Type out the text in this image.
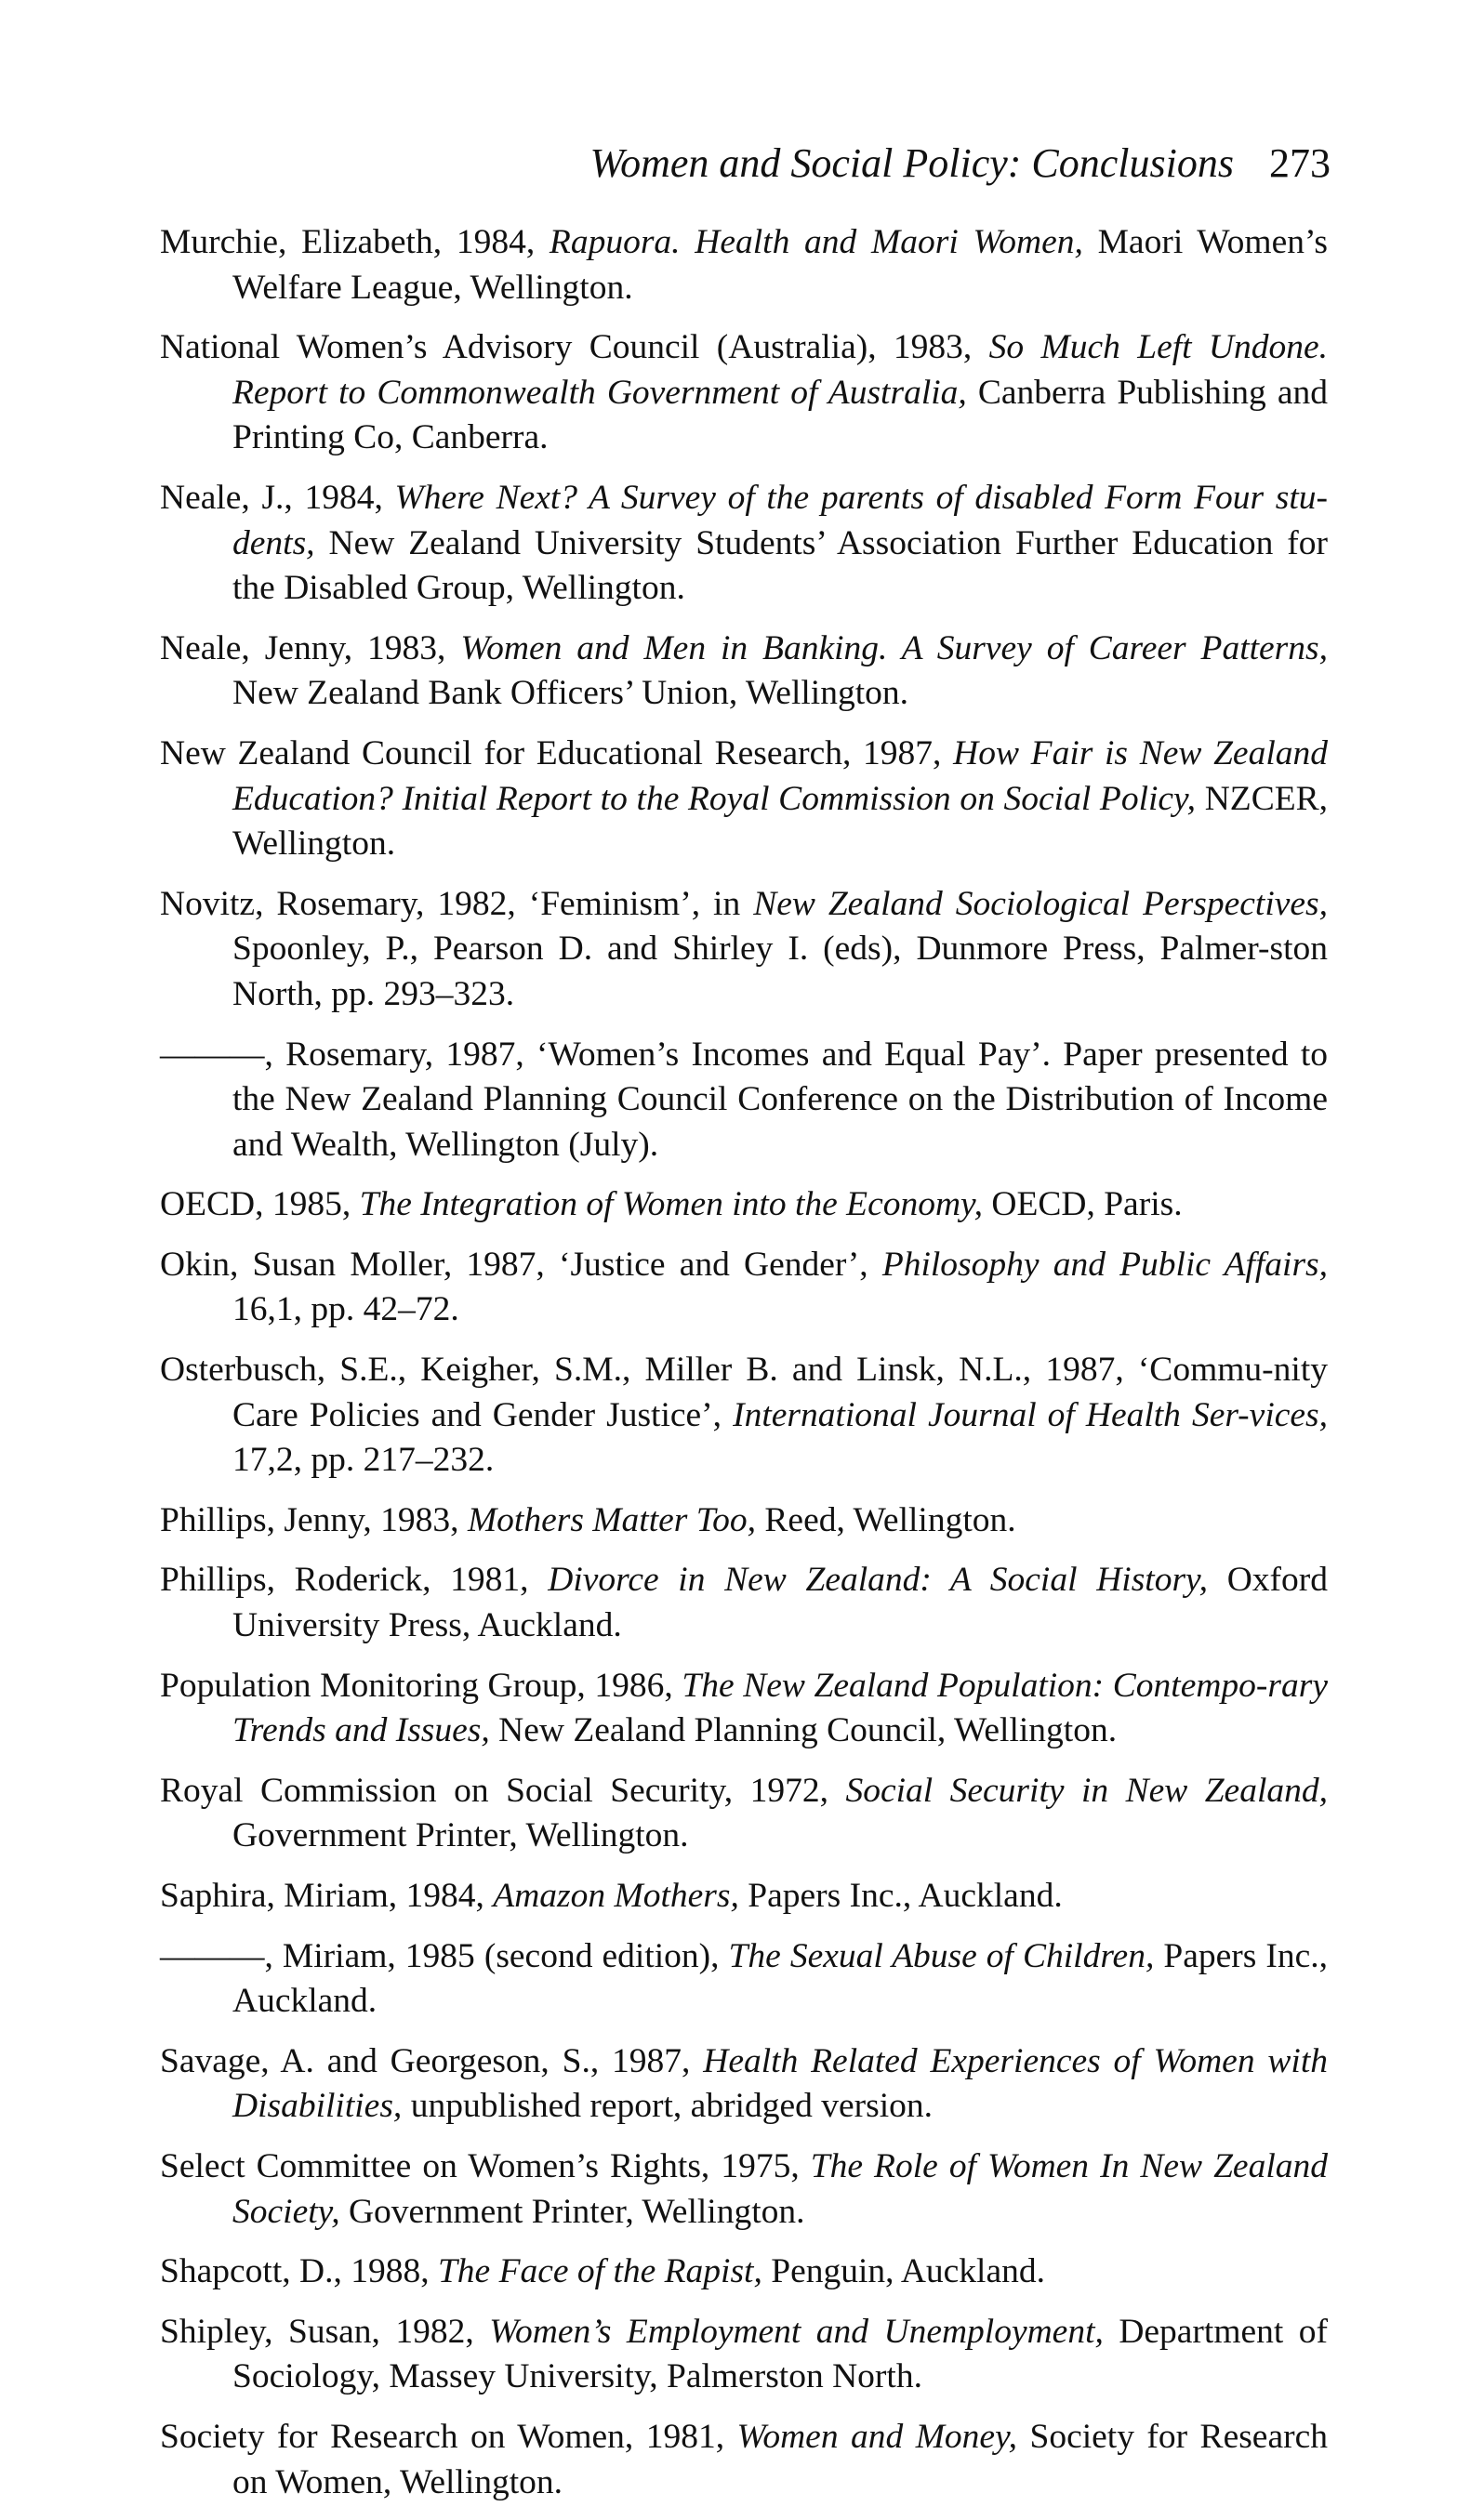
Women and Social Policy: Conclusions 273

Murchie, Elizabeth, 1984, Rapuora. Health and Maori Women, Maori Women’s Welfare League, Wellington.

National Women’s Advisory Council (Australia), 1983, So Much Left Undone. Report to Commonwealth Government of Australia, Canberra Publishing and Printing Co, Canberra.

Neale, J., 1984, Where Next? A Survey of the parents of disabled Form Four stu-dents, New Zealand University Students’ Association Further Education for the Disabled Group, Wellington.

Neale, Jenny, 1983, Women and Men in Banking. A Survey of Career Patterns, New Zealand Bank Officers’ Union, Wellington.

New Zealand Council for Educational Research, 1987, How Fair is New Zealand Education? Initial Report to the Royal Commission on Social Policy, NZCER, Wellington.

Novitz, Rosemary, 1982, ‘Feminism’, in New Zealand Sociological Perspectives, Spoonley, P., Pearson D. and Shirley I. (eds), Dunmore Press, Palmer-ston North, pp. 293–323.

———, Rosemary, 1987, ‘Women’s Incomes and Equal Pay’. Paper presented to the New Zealand Planning Council Conference on the Distribution of Income and Wealth, Wellington (July).

OECD, 1985, The Integration of Women into the Economy, OECD, Paris.

Okin, Susan Moller, 1987, ‘Justice and Gender’, Philosophy and Public Affairs, 16,1, pp. 42–72.

Osterbusch, S.E., Keigher, S.M., Miller B. and Linsk, N.L., 1987, ‘Commu-nity Care Policies and Gender Justice’, International Journal of Health Ser-vices, 17,2, pp. 217–232.

Phillips, Jenny, 1983, Mothers Matter Too, Reed, Wellington.

Phillips, Roderick, 1981, Divorce in New Zealand: A Social History, Oxford University Press, Auckland.

Population Monitoring Group, 1986, The New Zealand Population: Contempo-rary Trends and Issues, New Zealand Planning Council, Wellington.

Royal Commission on Social Security, 1972, Social Security in New Zealand, Government Printer, Wellington.

Saphira, Miriam, 1984, Amazon Mothers, Papers Inc., Auckland.

———, Miriam, 1985 (second edition), The Sexual Abuse of Children, Papers Inc., Auckland.

Savage, A. and Georgeson, S., 1987, Health Related Experiences of Women with Disabilities, unpublished report, abridged version.

Select Committee on Women’s Rights, 1975, The Role of Women In New Zealand Society, Government Printer, Wellington.

Shapcott, D., 1988, The Face of the Rapist, Penguin, Auckland.

Shipley, Susan, 1982, Women’s Employment and Unemployment, Department of Sociology, Massey University, Palmerston North.

Society for Research on Women, 1981, Women and Money, Society for Research on Women, Wellington.
